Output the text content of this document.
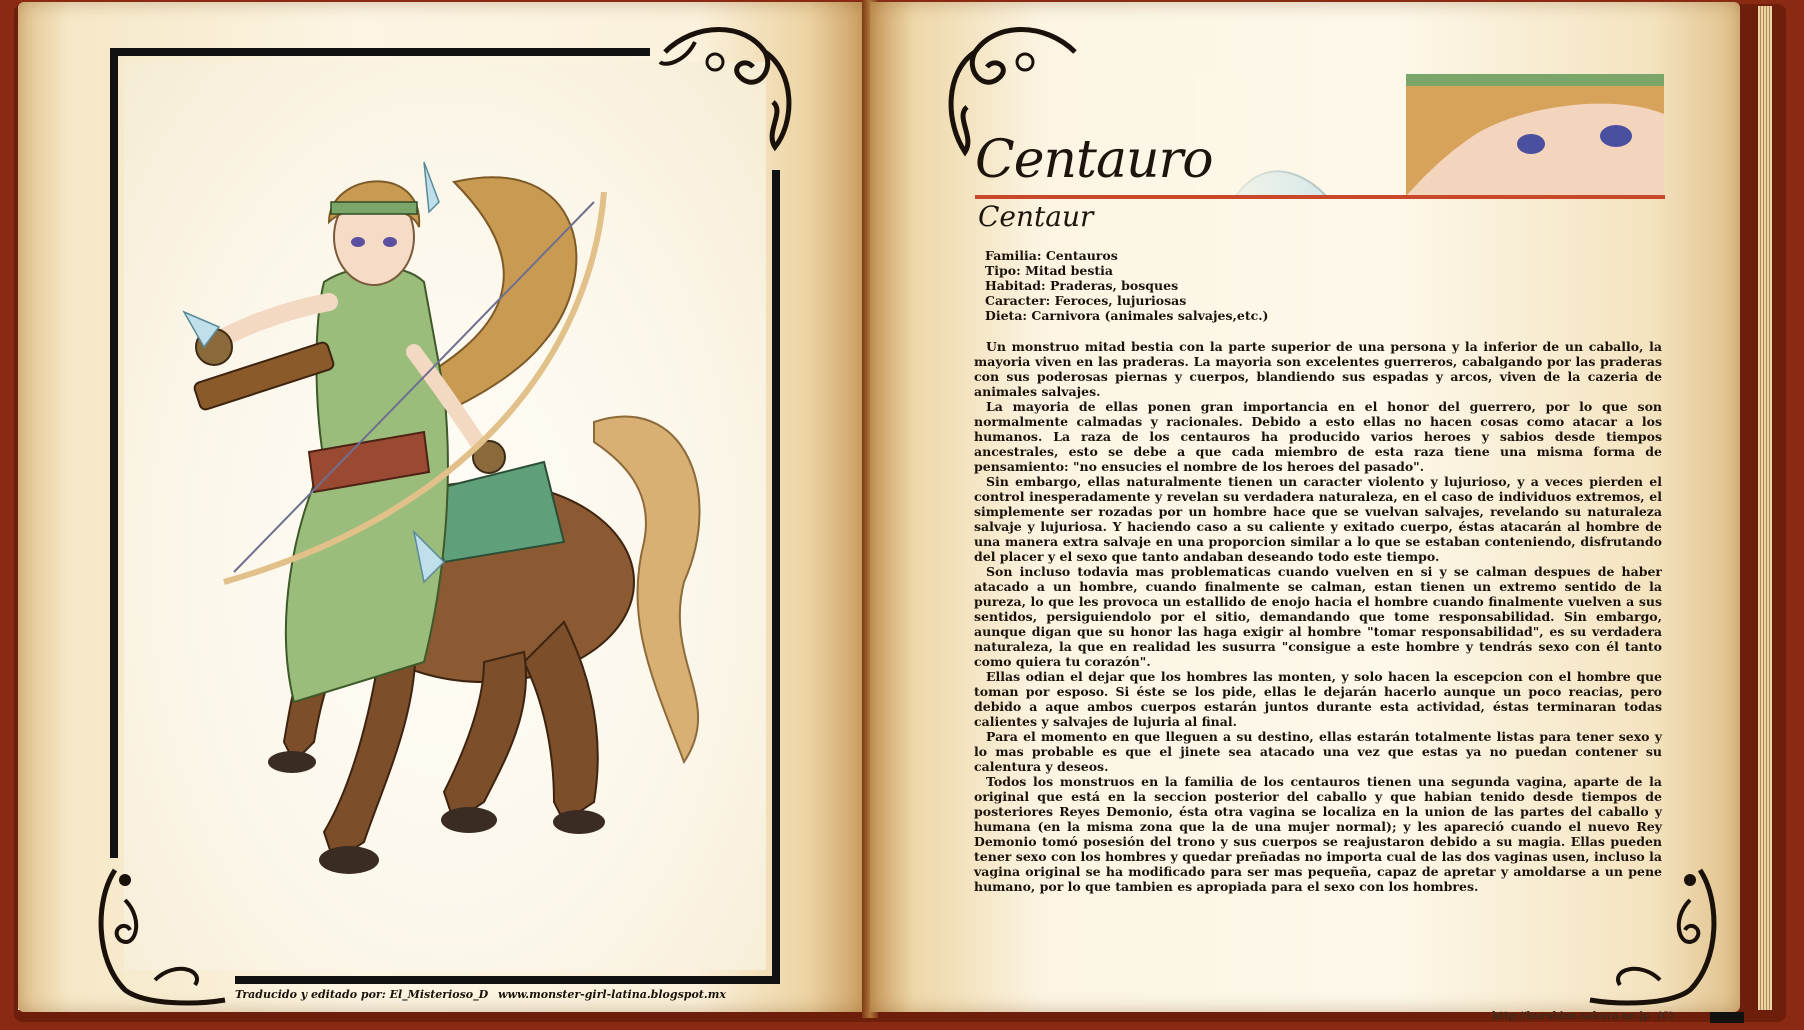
Traducido y editado por: El_Misterioso_D www.monster-girl-latina.blogspot.mx
Centauro
Centaur
Familia: Centauros
Tipo: Mitad bestia
Habitad: Praderas, bosques
Caracter: Feroces, lujuriosas
Dieta: Carnivora (animales salvajes,etc.)

Un monstruo mitad bestia con la parte superior de una persona y la inferior de un caballo, la mayoria viven en las praderas. La mayoria son excelentes guerreros, cabalgando por las praderas con sus poderosas piernas y cuerpos, blandiendo sus espadas y arcos, viven de la cazeria de animales salvajes.

La mayoria de ellas ponen gran importancia en el honor del guerrero, por lo que son normalmente calmadas y racionales. Debido a esto ellas no hacen cosas como atacar a los humanos. La raza de los centauros ha producido varios heroes y sabios desde tiempos ancestrales, esto se debe a que cada miembro de esta raza tiene una misma forma de pensamiento: "no ensucies el nombre de los heroes del pasado".

Sin embargo, ellas naturalmente tienen un caracter violento y lujurioso, y a veces pierden el control inesperadamente y revelan su verdadera naturaleza, en el caso de individuos extremos, el simplemente ser rozadas por un hombre hace que se vuelvan salvajes, revelando su naturaleza salvaje y lujuriosa. Y haciendo caso a su caliente y exitado cuerpo, éstas atacarán al hombre de una manera extra salvaje en una proporcion similar a lo que se estaban conteniendo, disfrutando del placer y el sexo que tanto andaban deseando todo este tiempo.

Son incluso todavia mas problematicas cuando vuelven en si y se calman despues de haber atacado a un hombre, cuando finalmente se calman, estan tienen un extremo sentido de la pureza, lo que les provoca un estallido de enojo hacia el hombre cuando finalmente vuelven a sus sentidos, persiguiendolo por el sitio, demandando que tome responsabilidad. Sin embargo, aunque digan que su honor las haga exigir al hombre "tomar responsabilidad", es su verdadera naturaleza, la que en realidad les susurra "consigue a este hombre y tendrás sexo con él tanto como quiera tu corazón".

Ellas odian el dejar que los hombres las monten, y solo hacen la escepcion con el hombre que toman por esposo. Si éste se los pide, ellas le dejarán hacerlo aunque un poco reacias, pero debido a aque ambos cuerpos estarán juntos durante esta actividad, éstas terminaran todas calientes y salvajes de lujuria al final.

Para el momento en que lleguen a su destino, ellas estarán totalmente listas para tener sexo y lo mas probable es que el jinete sea atacado una vez que estas ya no puedan contener su calentura y deseos.

Todos los monstruos en la familia de los centauros tienen una segunda vagina, aparte de la original que está en la seccion posterior del caballo y que habian tenido desde tiempos de posteriores Reyes Demonio, ésta otra vagina se localiza en la union de las partes del caballo y humana (en la misma zona que la de una mujer normal); y les apareció cuando el nuevo Rey Demonio tomó posesión del trono y sus cuerpos se reajustaron debido a su magia. Ellas pueden tener sexo con los hombres y quedar preñadas no importa cual de las dos vaginas usen, incluso la vagina original se ha modificado para ser mas pequeña, capaz de apretar y amoldarse a un pene humano, por lo que tambien es apropiada para el sexo con los hombres.

http://kurobine.sakura.ne.jp (C)
